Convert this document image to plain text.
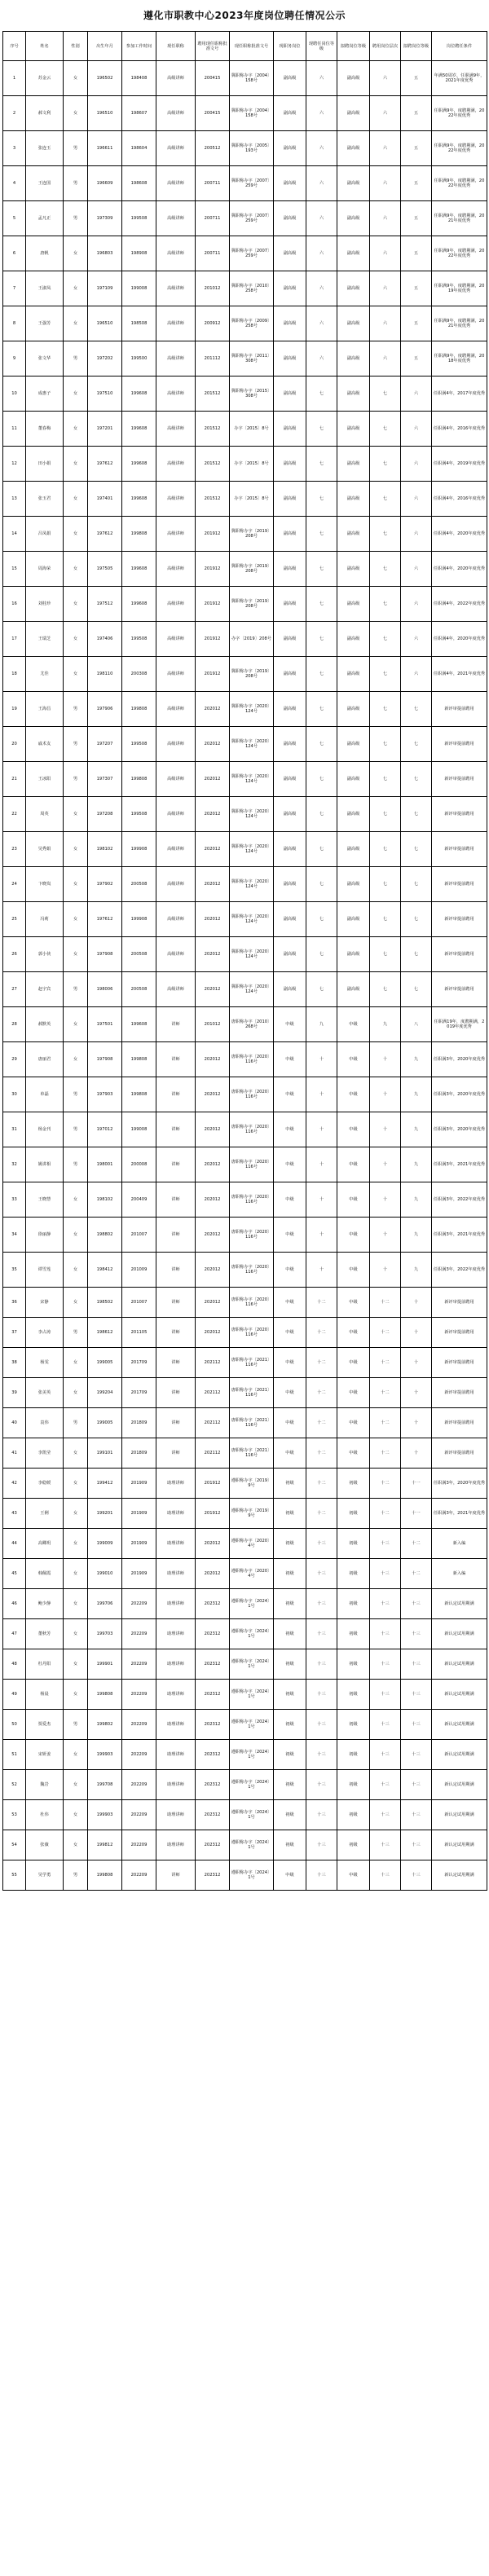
遵化市职教中心2023年度岗位聘任情况公示
序号	姓名	性别	出生年月	参加工作时间	现任职称	聘用现任职称批准文号	现任职称批准文号	现职务岗位	现聘任岗位等级	拟聘岗位等级	聘用岗位层次	拟聘岗位等级	岗位聘任条件
1	苏金云	女	196502	198408	高级讲师	200415	冀职称办字〔2004〕158号	副高级	六	副高级	六	五	年满50周岁，任职满9年，2021年度优秀
2	郝文利	女	196510	198607	高级讲师	200415	冀职称办字〔2004〕158号	副高级	六	副高级	六	五	任职满9年，度聘期满，2022年度优秀
3	张连玉	男	196611	198604	高级讲师	200512	冀职称办字〔2005〕193号	副高级	六	副高级	六	五	任职满9年，度聘期满，2022年度优秀
4	王连国	男	196609	198608	高级讲师	200711	冀职称办字〔2007〕259号	副高级	六	副高级	六	五	任职满9年，度聘期满，2022年度优秀
5	孟凡正	男	197309	199508	高级讲师	200711	冀职称办字〔2007〕259号	副高级	六	副高级	六	五	任职满9年，度聘期满，2021年度优秀
6	唐帆	女	196803	198908	高级讲师	200711	冀职称办字〔2007〕259号	副高级	六	副高级	六	五	任职满9年，度聘期满，2022年度优秀
7	王淑凤	女	197109	199008	高级讲师	201012	冀职称办字〔2010〕258号	副高级	六	副高级	六	五	任职满9年，度聘期满，2019年度优秀
8	王强芳	女	196510	198508	高级讲师	200912	冀职称办字〔2009〕258号	副高级	六	副高级	六	五	任职满9年，度聘期满，2021年度优秀
9	张文华	男	197202	199500	高级讲师	201112	冀职称办字〔2011〕308号	副高级	六	副高级	六	五	任职满9年，度聘期满，2018年度优秀
10	成惠子	女	197510	199608	高级讲师	201512	冀职称办字〔2015〕308号	副高级	七	副高级	七	六	任职满4年，2017年度优秀
11	董春梅	女	197201	199608	高级讲师	201512	办字〔2015〕8号	副高级	七	副高级	七	六	任职满4年，2016年度优秀
12	田小娟	女	197612	199608	高级讲师	201512	办字〔2015〕8号	副高级	七	副高级	七	六	任职满4年，2019年度优秀
13	张玉君	女	197401	199608	高级讲师	201512	办字〔2015〕8号	副高级	七	副高级	七	六	任职满4年，2016年度优秀
14	吕凤娟	女	197612	199808	高级讲师	201912	冀职称办字〔2019〕208号	副高级	七	副高级	七	六	任职满4年，2020年度优秀
15	周海荣	女	197505	199608	高级讲师	201912	冀职称办字〔2019〕208号	副高级	七	副高级	七	六	任职满4年，2020年度优秀
16	刘桂珍	女	197512	199608	高级讲师	201912	冀职称办字〔2019〕208号	副高级	七	副高级	七	六	任职满4年，2022年度优秀
17	王瑞芝	女	197406	199508	高级讲师	201912	办字〔2019〕208号	副高级	七	副高级	七	六	任职满4年，2020年度优秀
18	尤佳	女	198110	200308	高级讲师	201912	冀职称办字〔2019〕208号	副高级	七	副高级	七	六	任职满4年，2021年度优秀
19	王海昌	男	197906	199808	高级讲师	202012	冀职称办字〔2020〕124号	副高级	七	副高级	七	七	新评审提前聘用
20	戚术友	男	197207	199508	高级讲师	202012	冀职称办字〔2020〕124号	副高级	七	副高级	七	七	新评审提前聘用
21	王冰阳	男	197307	199808	高级讲师	202012	冀职称办字〔2020〕124号	副高级	七	副高级	七	七	新评审提前聘用
22	周英	女	197208	199508	高级讲师	202012	冀职称办字〔2020〕124号	副高级	七	副高级	七	七	新评审提前聘用
23	吴秀娟	女	198102	199908	高级讲师	202012	冀职称办字〔2020〕124号	副高级	七	副高级	七	七	新评审提前聘用
24	卞晓岚	女	197902	200508	高级讲师	202012	冀职称办字〔2020〕124号	副高级	七	副高级	七	七	新评审提前聘用
25	冯莉	女	197612	199908	高级讲师	202012	冀职称办字〔2020〕124号	副高级	七	副高级	七	七	新评审提前聘用
26	郭小侠	女	197908	200508	高级讲师	202012	冀职称办字〔2020〕124号	副高级	七	副高级	七	七	新评审提前聘用
27	赵宇宾	男	198006	200508	高级讲师	202012	冀职称办字〔2020〕124号	副高级	七	副高级	七	七	新评审提前聘用
28	郝默英	女	197501	199608	讲师	201012	唐职称办字〔2010〕268号	中级	九	中级	九	八	任职满19年，度聘期满，2019年度优秀
29	唐丽君	女	197908	199808	讲师	202012	唐职称办字〔2020〕116号	中级	十	中级	十	九	任职满3年，2020年度优秀
30	单磊	男	197903	199808	讲师	202012	唐职称办字〔2020〕116号	中级	十	中级	十	九	任职满3年，2020年度优秀
31	杨金刊	男	197012	199008	讲师	202012	唐职称办字〔2020〕116号	中级	十	中级	十	九	任职满3年，2020年度优秀
32	姚讲相	男	198001	200008	讲师	202012	唐职称办字〔2020〕116号	中级	十	中级	十	九	任职满3年，2021年度优秀
33	王晓慧	女	198102	200409	讲师	202012	唐职称办字〔2020〕116号	中级	十	中级	十	九	任职满3年，2022年度优秀
34	徐丽静	女	198802	201007	讲师	202012	唐职称办字〔2020〕116号	中级	十	中级	十	九	任职满3年，2021年度优秀
35	谭雪莲	女	198412	201009	讲师	202012	唐职称办字〔2020〕116号	中级	十	中级	十	九	任职满3年，2022年度优秀
36	宋静	女	198502	201007	讲师	202012	唐职称办字〔2020〕116号	中级	十二	中级	十二	十	新评审提前聘用
37	李占涛	男	198612	201105	讲师	202012	唐职称办字〔2020〕116号	中级	十二	中级	十二	十	新评审提前聘用
38	杨雯	女	199005	201709	讲师	202112	唐职称办字〔2021〕116号	中级	十二	中级	十二	十	新评审提前聘用
39	张美英	女	199204	201709	讲师	202112	唐职称办字〔2021〕116号	中级	十二	中级	十二	十	新评审提前聘用
40	袁伟	男	199005	201809	讲师	202112	唐职称办字〔2021〕116号	中级	十二	中级	十二	十	新评审提前聘用
41	李凯莹	女	199101	201809	讲师	202112	唐职称办字〔2021〕116号	中级	十二	中级	十二	十	新评审提前聘用
42	李稳媛	女	199412	201909	助理讲师	201912	遵职称办字〔2019〕9号	初级	十二	初级	十二	十一	任职满3年，2020年度优秀
43	王俐	女	199201	201909	助理讲师	201912	遵职称办字〔2019〕9号	初级	十二	初级	十二	十一	任职满3年，2021年度优秀
44	高卿玥	女	199009	201909	助理讲师	202012	遵职称办字〔2020〕4号	初级	十三	初级	十三	十二	新入编
45	韩佩霞	女	199010	201909	助理讲师	202012	遵职称办字〔2020〕4号	初级	十三	初级	十三	十二	新入编
46	鲍少静	女	199706	202209	助理讲师	202312	遵职称办字〔2024〕1号	初级	十三	初级	十三	十三	新认定试用期满
47	董秋芳	女	199703	202209	助理讲师	202312	遵职称办字〔2024〕1号	初级	十三	初级	十三	十三	新认定试用期满
48	杜丹阳	女	199901	202209	助理讲师	202312	遵职称办字〔2024〕1号	初级	十三	初级	十三	十三	新认定试用期满
49	杨晨	女	199808	202209	助理讲师	202312	遵职称办字〔2024〕1号	初级	十三	初级	十三	十三	新认定试用期满
50	贾爱杰	男	199802	202209	助理讲师	202312	遵职称办字〔2024〕1号	初级	十三	初级	十三	十三	新认定试用期满
51	宋妍姜	女	199903	202209	助理讲师	202312	遵职称办字〔2024〕1号	初级	十三	初级	十三	十三	新认定试用期满
52	魏岩	女	199708	202209	助理讲师	202312	遵职称办字〔2024〕1号	初级	十三	初级	十三	十三	新认定试用期满
53	杜伟	女	199903	202209	助理讲师	202312	遵职称办字〔2024〕1号	初级	十三	初级	十三	十三	新认定试用期满
54	张薇	女	199812	202209	助理讲师	202312	遵职称办字〔2024〕1号	初级	十三	初级	十三	十三	新认定试用期满
55	吴学勇	男	199808	202209	讲师	202312	遵职称办字〔2024〕1号	中级	十三	中级	十三	十三	新认定试用期满
